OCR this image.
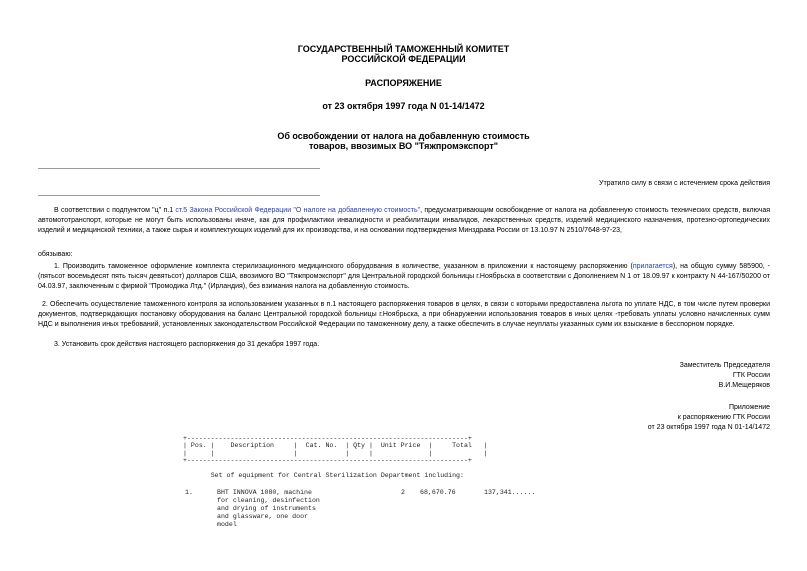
ГОСУДАРСТВЕННЫЙ ТАМОЖЕННЫЙ КОМИТЕТ
РОССИЙСКОЙ ФЕДЕРАЦИИ
РАСПОРЯЖЕНИЕ
от 23 октября 1997 года N 01-14/1472
Об освобождении от налога на добавленную стоимость
товаров, ввозимых ВО "Тяжпромэкспорт"
Утратило силу в связи с истечением срока действия
В соответствии с подпунктом "ц" п.1 ст.5 Закона Российской Федерации "О налоге на добавленную стоимость", предусматривающим освобождение от налога на добавленную стоимость технических средств, включая автомототранспорт, которые не могут быть использованы иначе, как для профилактики инвалидности и реабилитации инвалидов, лекарственных средств, изделий медицинского назначения, протезно-ортопедических изделий и медицинской техники, а также сырья и комплектующих изделий для их производства, и на основании подтверждения Минздрава России от 13.10.97 N 2510/7648-97-23,
обязываю:
1. Производить таможенное оформление комплекта стерилизационного медицинского оборудования в количестве, указанном в приложении к настоящему распоряжению (прилагается), на общую сумму 585900, - (пятьсот восемьдесят пять тысяч девятьсот) долларов США, ввозимого ВО "Тяжпромэкспорт" для Центральной городской больницы г.Ноябрьска в соответствии с Дополнением N 1 от 18.09.97 к контракту N 44-167/50200 от 04.03.97, заключенным с фирмой "Промодика Лтд." (Ирландия), без взимания налога на добавленную стоимость.
2. Обеспечить осуществление таможенного контроля за использованием указанных в п.1 настоящего распоряжения товаров в целях, в связи с которыми предоставлена льгота по уплате НДС, в том числе путем проверки документов, подтверждающих постановку оборудования на баланс Центральной городской больницы г.Ноябрьска, а при обнаружении использования товаров в иных целях -требовать уплаты условно начисленных сумм НДС и выполнения иных требований, установленных законодательством Российской Федерации по таможенному делу, а также обеспечить в случае неуплаты указанных сумм их взыскание в бесспорном порядке.
3. Установить срок действия настоящего распоряжения до 31 декабря 1997 года.
Заместитель Председателя
ГТК России
В.И.Мещеряков
Приложение
к распоряжению ГТК России
от 23 октября 1997 года N 01-14/1472
+-----------------------------------------------------------------------+
| Pos. |    Description     |  Cat. No.  | Qty |  Unit Price  |     Total   |
|      |                    |            |     |              |             |
+-----------------------------------------------------------------------+
Set of equipment for Central Sterilization Department including:
1.	BHT INNOVA 1080, machine
for cleaning, desinfection
and drying of instruments
and glassware, one door
model
2 68,670.76	137,341......
